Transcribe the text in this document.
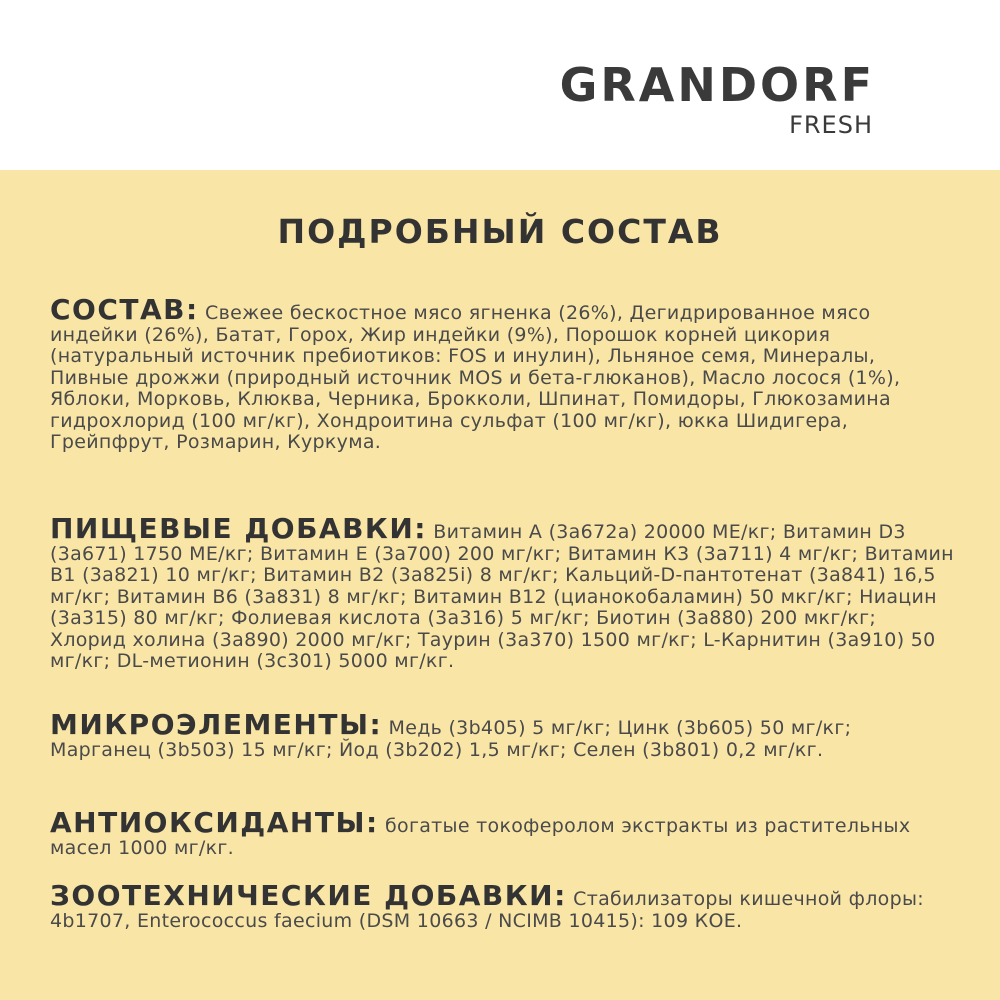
GRANDORF
FRESH
ПОДРОБНЫЙ СОСТАВ
СОСТАВ: Свежее бескостное мясо ягненка (26%), Дегидрированное мясо индейки (26%), Батат, Горох, Жир индейки (9%), Порошок корней цикория (натуральный источник пребиотиков: FOS и инулин), Льняное семя, Минералы, Пивные дрожжи (природный источник MOS и бета-глюканов), Масло лосося (1%), Яблоки, Морковь, Клюква, Черника, Брокколи, Шпинат, Помидоры, Глюкозамина гидрохлорид (100 мг/кг), Хондроитина сульфат (100 мг/кг), юкка Шидигера, Грейпфрут, Розмарин, Куркума.
ПИЩЕВЫЕ ДОБАВКИ: Витамин А (3а672а) 20000 МЕ/кг; Витамин D3 (3а671) 1750 МЕ/кг; Витамин Е (3а700) 200 мг/кг; Витамин К3 (3а711) 4 мг/кг; Витамин В1 (3а821) 10 мг/кг; Витамин В2 (3а825i) 8 мг/кг; Кальций-D-пантотенат (3а841) 16,5 мг/кг; Витамин В6 (3а831) 8 мг/кг; Витамин В12 (цианокобаламин) 50 мкг/кг; Ниацин (3а315) 80 мг/кг; Фолиевая кислота (3а316) 5 мг/кг; Биотин (3а880) 200 мкг/кг; Хлорид холина (3а890) 2000 мг/кг; Таурин (3а370) 1500 мг/кг; L-Карнитин (3а910) 50 мг/кг; DL-метионин (3с301) 5000 мг/кг.
МИКРОЭЛЕМЕНТЫ: Медь (3b405) 5 мг/кг; Цинк (3b605) 50 мг/кг; Марганец (3b503) 15 мг/кг; Йод (3b202) 1,5 мг/кг; Селен (3b801) 0,2 мг/кг.
АНТИОКСИДАНТЫ: богатые токоферолом экстракты из растительных масел 1000 мг/кг.
ЗООТЕХНИЧЕСКИЕ ДОБАВКИ: Стабилизаторы кишечной флоры: 4b1707, Enterococcus faecium (DSM 10663 / NCIMB 10415): 109 КОЕ.
